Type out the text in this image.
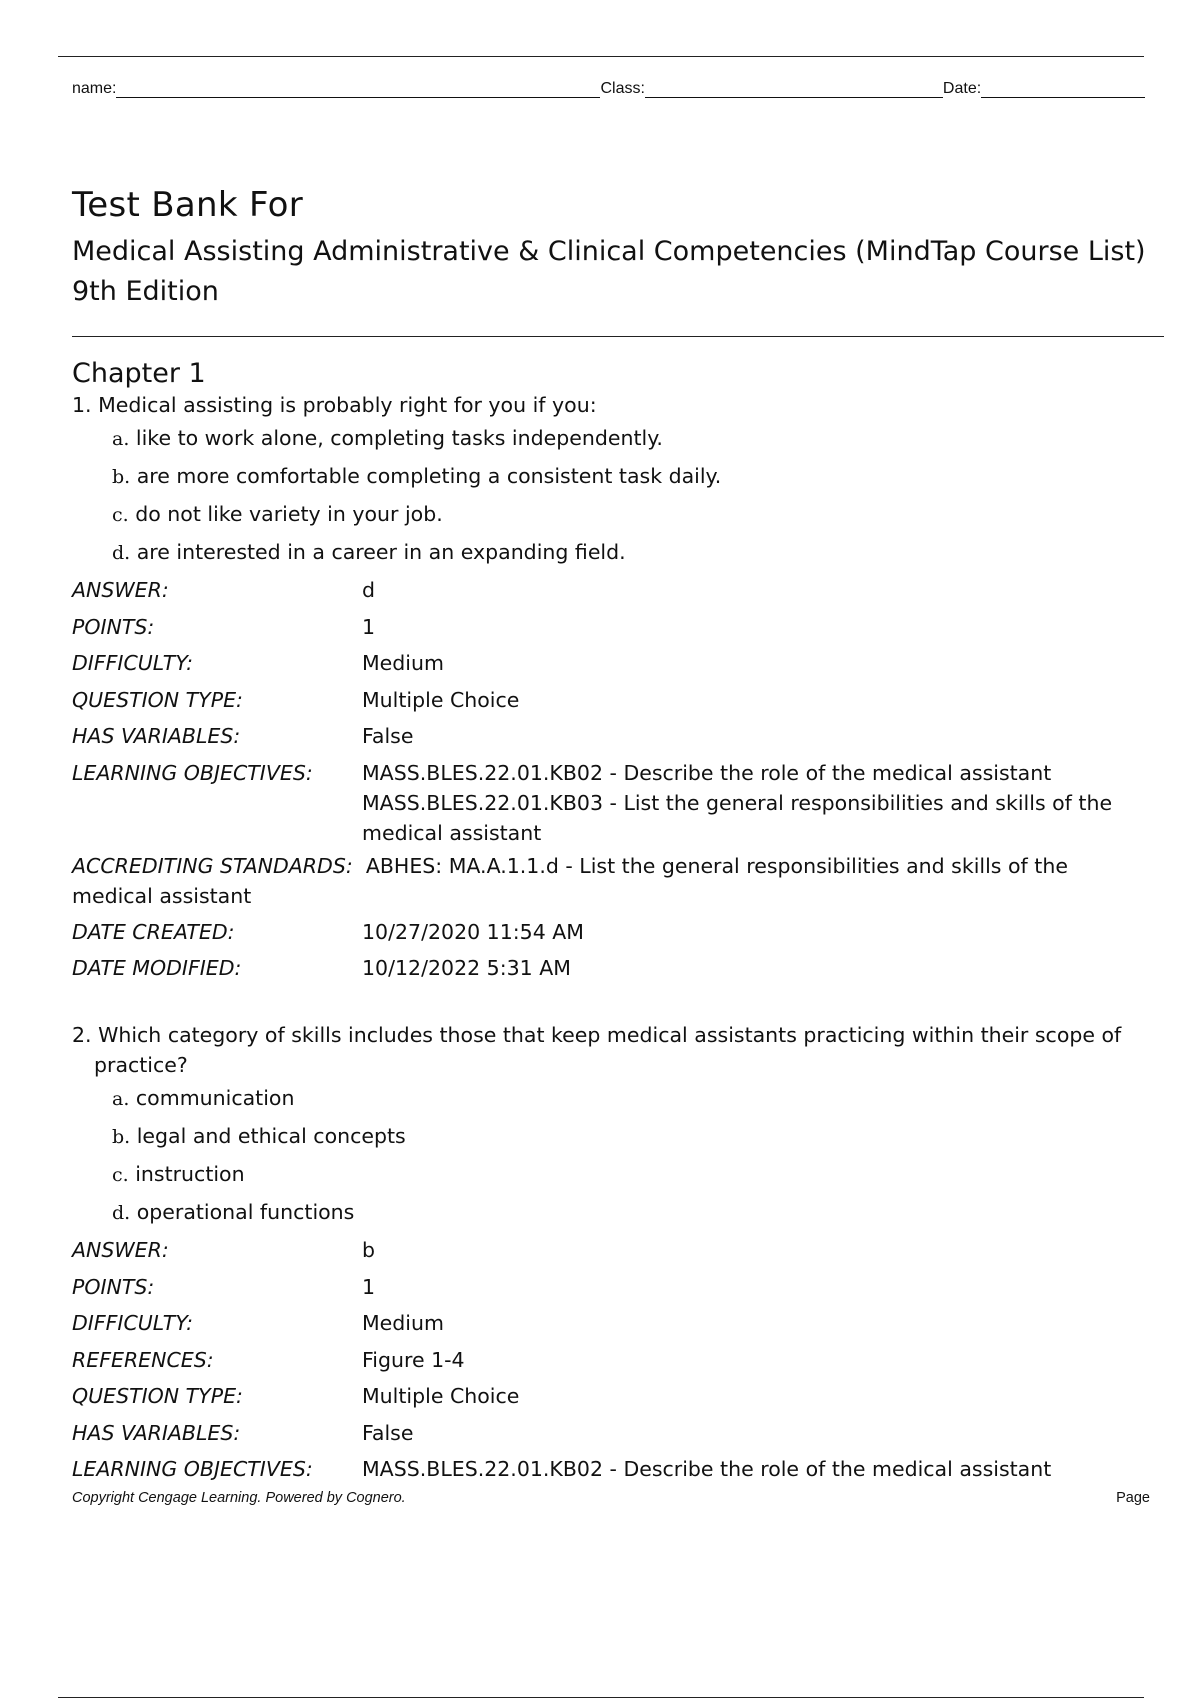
name:	Class:	Date:
Test Bank For
Medical Assisting Administrative & Clinical Competencies (MindTap Course List)
9th Edition
Chapter 1
1. Medical assisting is probably right for you if you:
a. like to work alone, completing tasks independently.
b. are more comfortable completing a consistent task daily.
c. do not like variety in your job.
d. are interested in a career in an expanding field.
ANSWER:	d
POINTS:	1
DIFFICULTY:	Medium
QUESTION TYPE:	Multiple Choice
HAS VARIABLES:	False
LEARNING OBJECTIVES:	MASS.BLES.22.01.KB02 - Describe the role of the medical assistant
MASS.BLES.22.01.KB03 - List the general responsibilities and skills of the medical assistant
ACCREDITING STANDARDS: ABHES: MA.A.1.1.d - List the general responsibilities and skills of the medical assistant
DATE CREATED:	10/27/2020 11:54 AM
DATE MODIFIED:	10/12/2022 5:31 AM
2. Which category of skills includes those that keep medical assistants practicing within their scope of practice?
a. communication
b. legal and ethical concepts
c. instruction
d. operational functions
ANSWER:	b
POINTS:	1
DIFFICULTY:	Medium
REFERENCES:	Figure 1-4
QUESTION TYPE:	Multiple Choice
HAS VARIABLES:	False
LEARNING OBJECTIVES:	MASS.BLES.22.01.KB02 - Describe the role of the medical assistant
Copyright Cengage Learning. Powered by Cognero.	Page
